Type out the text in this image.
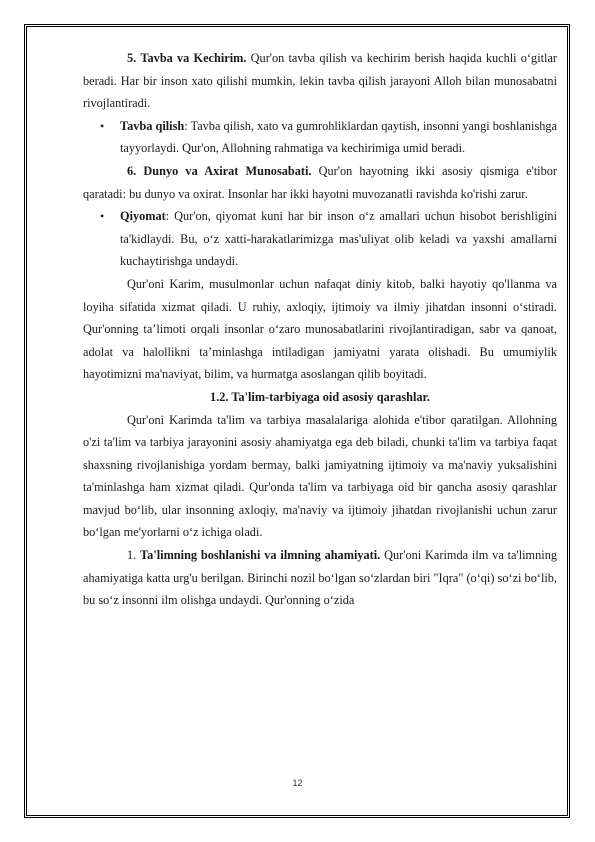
5. Tavba va Kechirim. Qur'on tavba qilish va kechirim berish haqida kuchli o‘gitlar beradi. Har bir inson xato qilishi mumkin, lekin tavba qilish jarayoni Alloh bilan munosabatni rivojlantiradi.

• Tavba qilish: Tavba qilish, xato va gumrohliklardan qaytish, insonni yangi boshlanishga tayyorlaydi. Qur'on, Allohning rahmatiga va kechirimiga umid beradi.

6. Dunyo va Axirat Munosabati. Qur'on hayotning ikki asosiy qismiga e'tibor qaratadi: bu dunyo va oxirat. Insonlar har ikki hayotni muvozanatli ravishda ko'rishi zarur.

• Qiyomat: Qur'on, qiyomat kuni har bir inson o‘z amallari uchun hisobot berishligini ta'kidlaydi. Bu, o‘z xatti-harakatlarimizga mas'uliyat olib keladi va yaxshi amallarni kuchaytirishga undaydi.

Qur'oni Karim, musulmonlar uchun nafaqat diniy kitob, balki hayotiy qo'llanma va loyiha sifatida xizmat qiladi. U ruhiy, axloqiy, ijtimoiy va ilmiy jihatdan insonni o‘stiradi. Qur'onning ta’limoti orqali insonlar o‘zaro munosabatlarini rivojlantiradigan, sabr va qanoat, adolat va halollikni ta’minlashga intiladigan jamiyatni yarata olishadi. Bu umumiylik hayotimizni ma'naviyat, bilim, va hurmatga asoslangan qilib boyitadi.

1.2. Ta'lim-tarbiyaga oid asosiy qarashlar.

Qur'oni Karimda ta'lim va tarbiya masalalariga alohida e'tibor qaratilgan. Allohning o'zi ta'lim va tarbiya jarayonini asosiy ahamiyatga ega deb biladi, chunki ta'lim va tarbiya faqat shaxsning rivojlanishiga yordam bermay, balki jamiyatning ijtimoiy va ma'naviy yuksalishini ta'minlashga ham xizmat qiladi. Qur'onda ta'lim va tarbiyaga oid bir qancha asosiy qarashlar mavjud bo‘lib, ular insonning axloqiy, ma'naviy va ijtimoiy jihatdan rivojlanishi uchun zarur bo‘lgan me'yorlarni o‘z ichiga oladi.

1. Ta'limning boshlanishi va ilmning ahamiyati. Qur'oni Karimda ilm va ta'limning ahamiyatiga katta urg'u berilgan. Birinchi nozil bo‘lgan so‘zlardan biri "Iqra" (o‘qi) so‘zi bo‘lib, bu so‘z insonni ilm olishga undaydi. Qur'onning o‘zida

12
